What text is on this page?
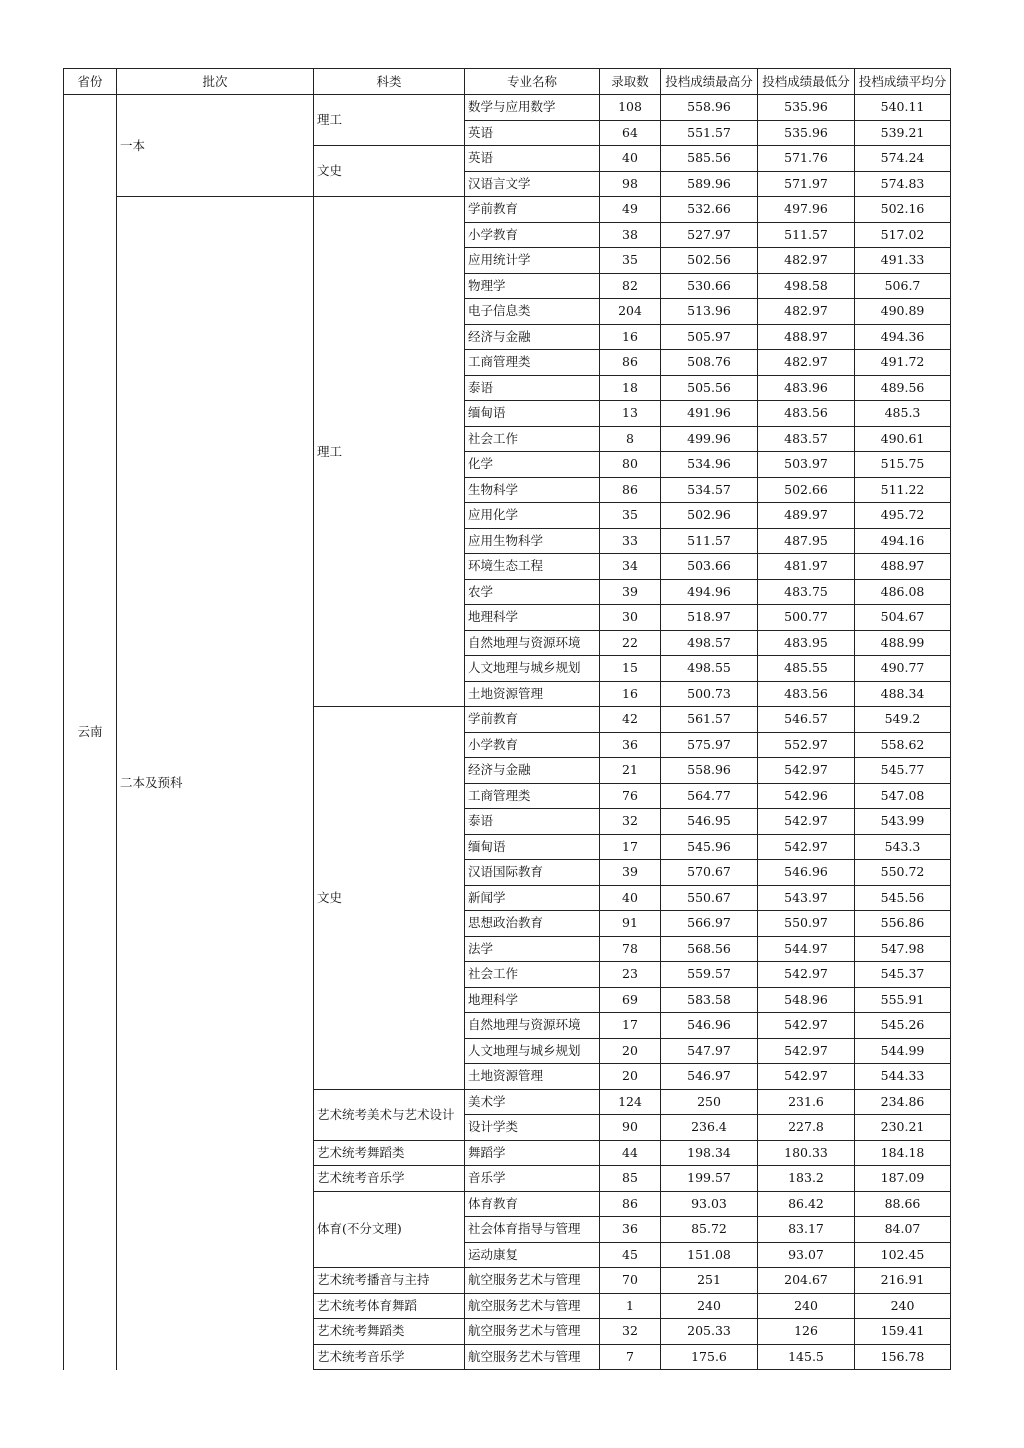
省份	批次	科类	专业名称	录取数	投档成绩最高分	投档成绩最低分	投档成绩平均分
云南	一本	理工	数学与应用数学	108	558.96	535.96	540.11
			英语	64	551.57	535.96	539.21
		文史	英语	40	585.56	571.76	574.24
			汉语言文学	98	589.96	571.97	574.83
	二本及预科	理工	学前教育	49	532.66	497.96	502.16
			小学教育	38	527.97	511.57	517.02
			应用统计学	35	502.56	482.97	491.33
			物理学	82	530.66	498.58	506.7
			电子信息类	204	513.96	482.97	490.89
			经济与金融	16	505.97	488.97	494.36
			工商管理类	86	508.76	482.97	491.72
			泰语	18	505.56	483.96	489.56
			缅甸语	13	491.96	483.56	485.3
			社会工作	8	499.96	483.57	490.61
			化学	80	534.96	503.97	515.75
			生物科学	86	534.57	502.66	511.22
			应用化学	35	502.96	489.97	495.72
			应用生物科学	33	511.57	487.95	494.16
			环境生态工程	34	503.66	481.97	488.97
			农学	39	494.96	483.75	486.08
			地理科学	30	518.97	500.77	504.67
			自然地理与资源环境	22	498.57	483.95	488.99
			人文地理与城乡规划	15	498.55	485.55	490.77
			土地资源管理	16	500.73	483.56	488.34
		文史	学前教育	42	561.57	546.57	549.2
			小学教育	36	575.97	552.97	558.62
			经济与金融	21	558.96	542.97	545.77
			工商管理类	76	564.77	542.96	547.08
			泰语	32	546.95	542.97	543.99
			缅甸语	17	545.96	542.97	543.3
			汉语国际教育	39	570.67	546.96	550.72
			新闻学	40	550.67	543.97	545.56
			思想政治教育	91	566.97	550.97	556.86
			法学	78	568.56	544.97	547.98
			社会工作	23	559.57	542.97	545.37
			地理科学	69	583.58	548.96	555.91
			自然地理与资源环境	17	546.96	542.97	545.26
			人文地理与城乡规划	20	547.97	542.97	544.99
			土地资源管理	20	546.97	542.97	544.33
		艺术统考美术与艺术设计	美术学	124	250	231.6	234.86
			设计学类	90	236.4	227.8	230.21
		艺术统考舞蹈类	舞蹈学	44	198.34	180.33	184.18
		艺术统考音乐学	音乐学	85	199.57	183.2	187.09
		体育(不分文理)	体育教育	86	93.03	86.42	88.66
			社会体育指导与管理	36	85.72	83.17	84.07
			运动康复	45	151.08	93.07	102.45
		艺术统考播音与主持	航空服务艺术与管理	70	251	204.67	216.91
		艺术统考体育舞蹈	航空服务艺术与管理	1	240	240	240
		艺术统考舞蹈类	航空服务艺术与管理	32	205.33	126	159.41
		艺术统考音乐学	航空服务艺术与管理	7	175.6	145.5	156.78
